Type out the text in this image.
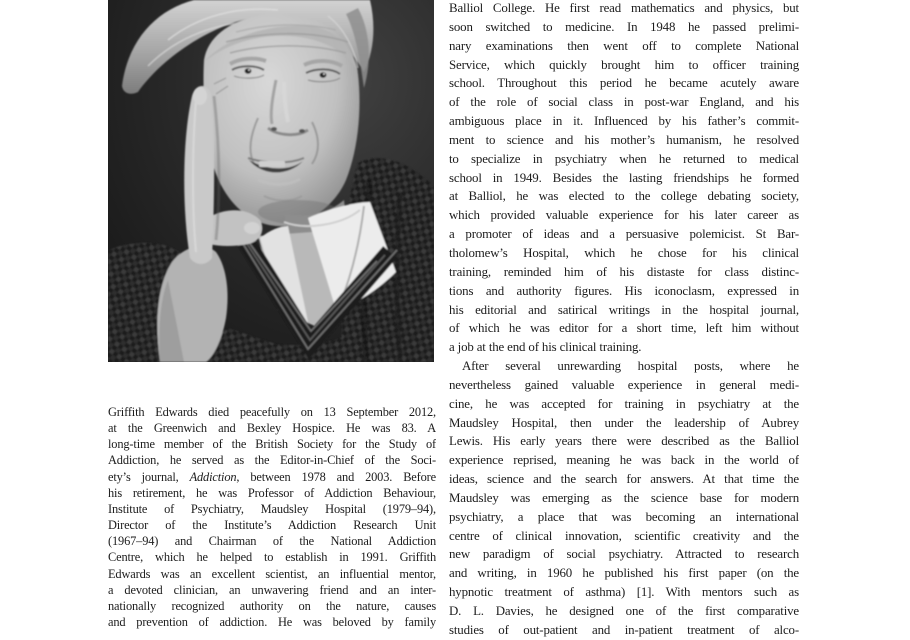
Griffith Edwards died peacefully on 13 September 2012,
at the Greenwich and Bexley Hospice. He was 83. A
long-time member of the British Society for the Study of
Addiction, he served as the Editor-in-Chief of the Soci-
ety’s journal, Addiction, between 1978 and 2003. Before
his retirement, he was Professor of Addiction Behaviour,
Institute of Psychiatry, Maudsley Hospital (1979–94),
Director of the Institute’s Addiction Research Unit
(1967–94) and Chairman of the National Addiction
Centre, which he helped to establish in 1991. Griffith
Edwards was an excellent scientist, an influential mentor,
a devoted clinician, an unwavering friend and an inter-
nationally recognized authority on the nature, causes
and prevention of addiction. He was beloved by family
Balliol College. He first read mathematics and physics, but
soon switched to medicine. In 1948 he passed prelimi-
nary examinations then went off to complete National
Service, which quickly brought him to officer training
school. Throughout this period he became acutely aware
of the role of social class in post-war England, and his
ambiguous place in it. Influenced by his father’s commit-
ment to science and his mother’s humanism, he resolved
to specialize in psychiatry when he returned to medical
school in 1949. Besides the lasting friendships he formed
at Balliol, he was elected to the college debating society,
which provided valuable experience for his later career as
a promoter of ideas and a persuasive polemicist. St Bar-
tholomew’s Hospital, which he chose for his clinical
training, reminded him of his distaste for class distinc-
tions and authority figures. His iconoclasm, expressed in
his editorial and satirical writings in the hospital journal,
of which he was editor for a short time, left him without
a job at the end of his clinical training.
After several unrewarding hospital posts, where he
nevertheless gained valuable experience in general medi-
cine, he was accepted for training in psychiatry at the
Maudsley Hospital, then under the leadership of Aubrey
Lewis. His early years there were described as the Balliol
experience reprised, meaning he was back in the world of
ideas, science and the search for answers. At that time the
Maudsley was emerging as the science base for modern
psychiatry, a place that was becoming an international
centre of clinical innovation, scientific creativity and the
new paradigm of social psychiatry. Attracted to research
and writing, in 1960 he published his first paper (on the
hypnotic treatment of asthma) [1]. With mentors such as
D. L. Davies, he designed one of the first comparative
studies of out-patient and in-patient treatment of alco-
